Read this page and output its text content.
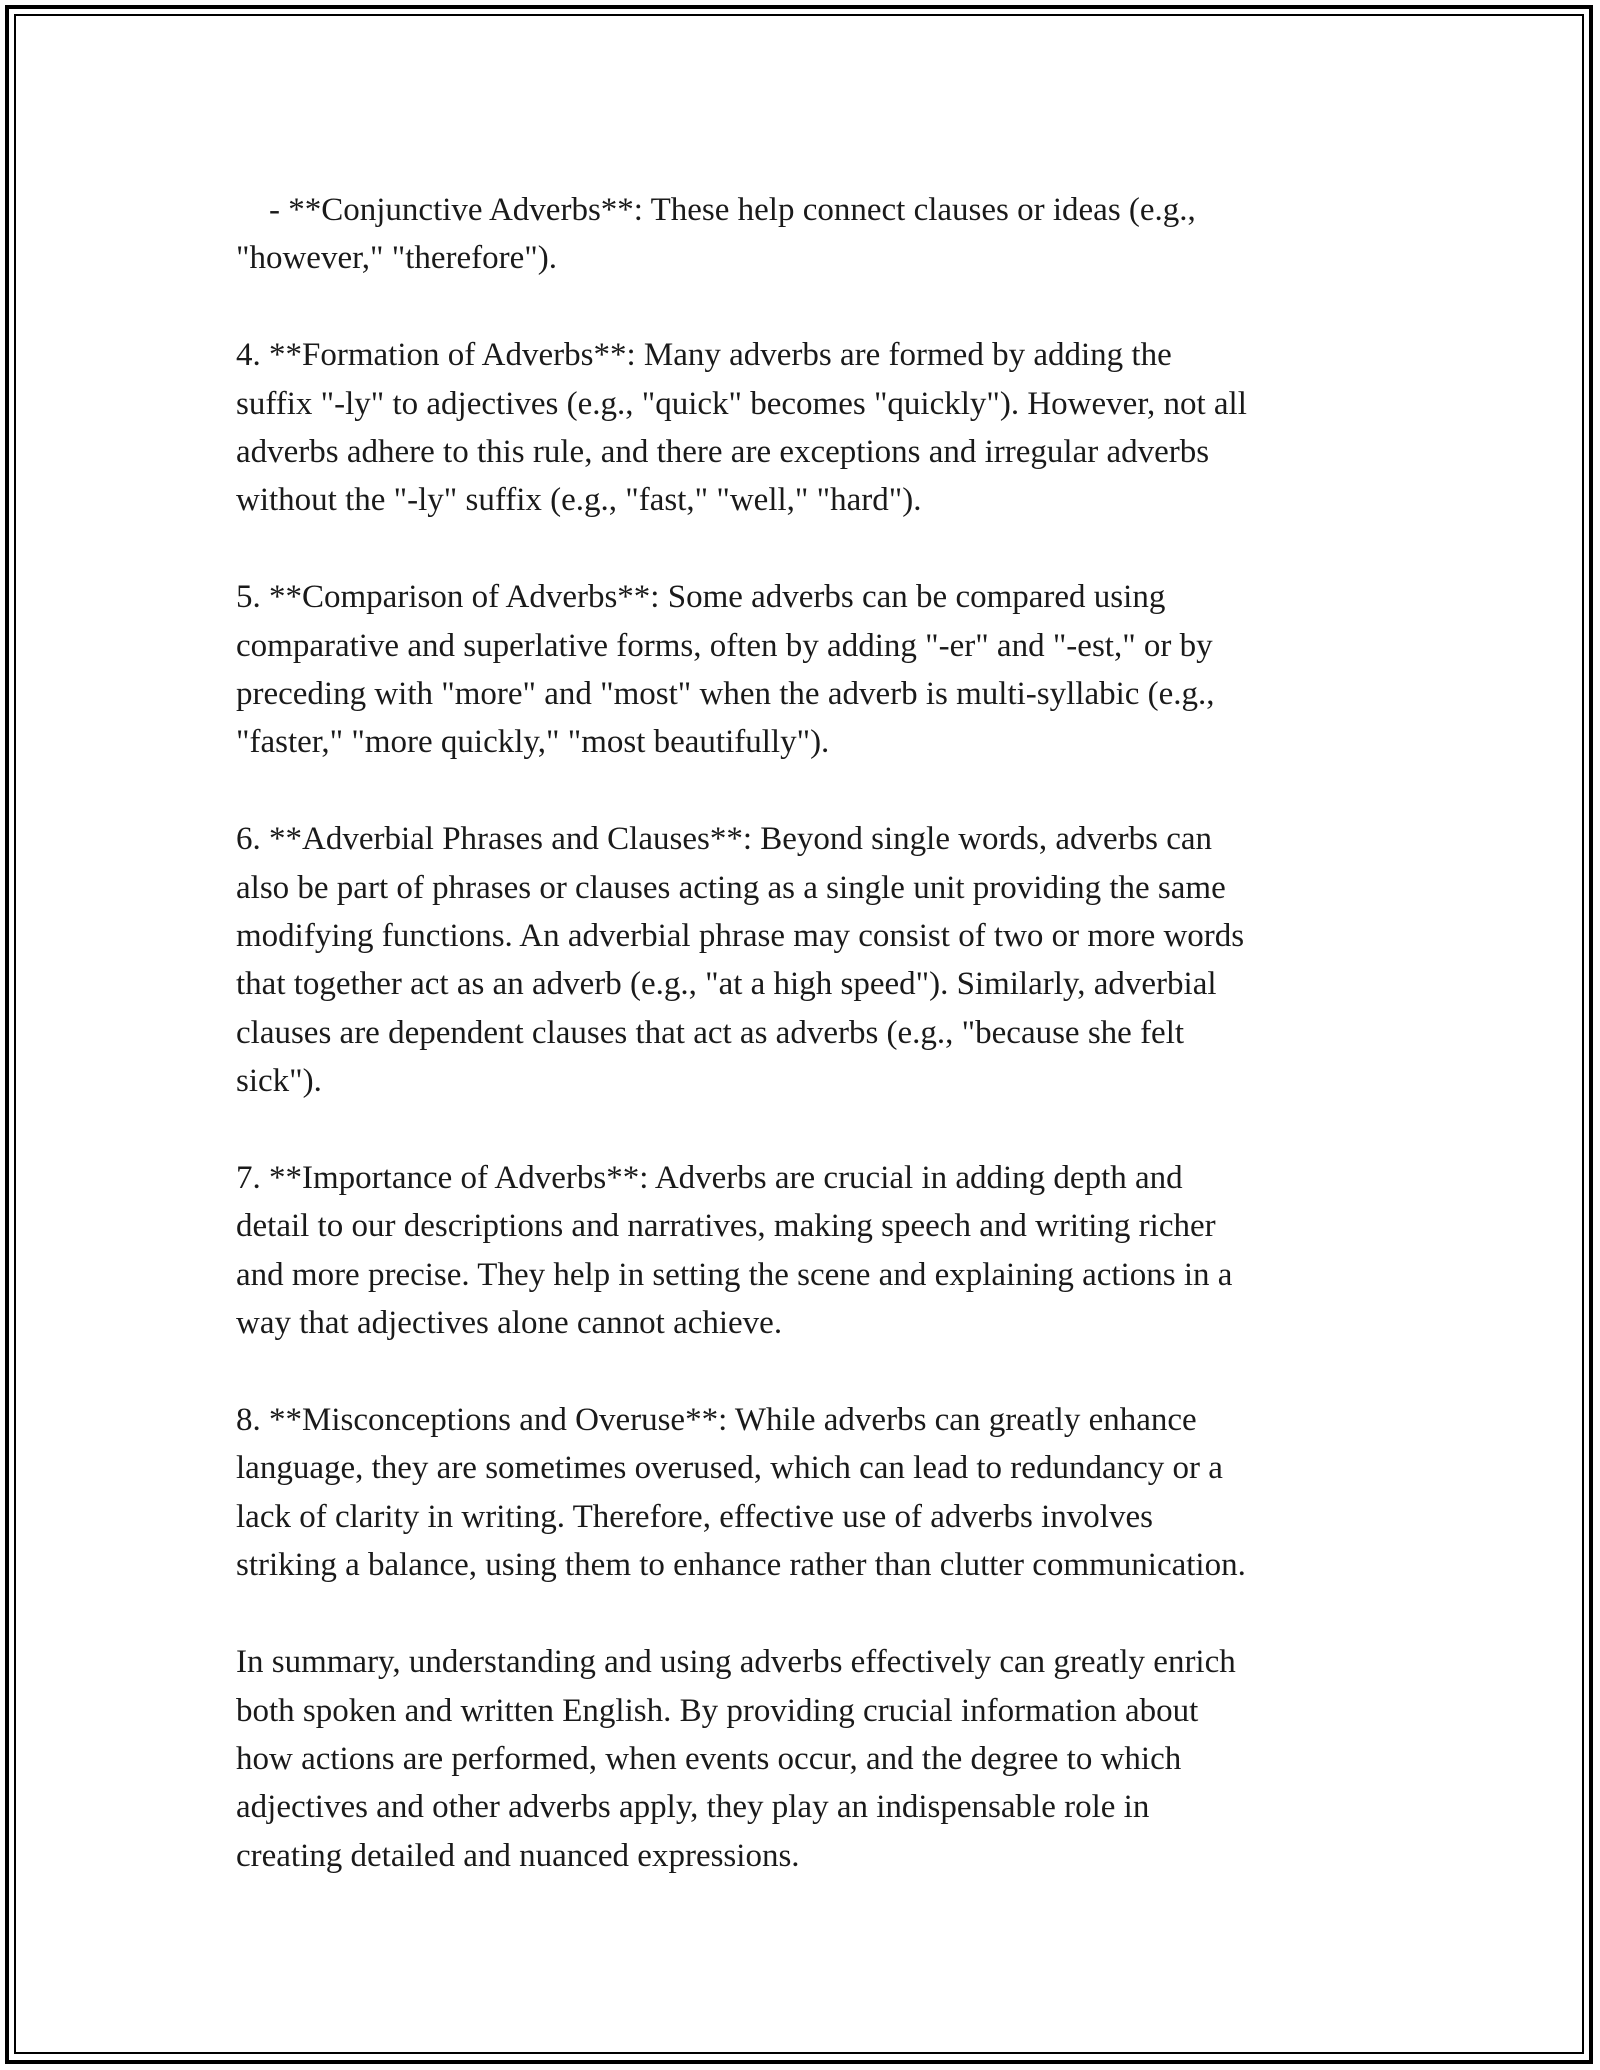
- **Conjunctive Adverbs**: These help connect clauses or ideas (e.g.,
"however," "therefore").

4. **Formation of Adverbs**: Many adverbs are formed by adding the
suffix "-ly" to adjectives (e.g., "quick" becomes "quickly"). However, not all
adverbs adhere to this rule, and there are exceptions and irregular adverbs
without the "-ly" suffix (e.g., "fast," "well," "hard").

5. **Comparison of Adverbs**: Some adverbs can be compared using
comparative and superlative forms, often by adding "-er" and "-est," or by
preceding with "more" and "most" when the adverb is multi-syllabic (e.g.,
"faster," "more quickly," "most beautifully").

6. **Adverbial Phrases and Clauses**: Beyond single words, adverbs can
also be part of phrases or clauses acting as a single unit providing the same
modifying functions. An adverbial phrase may consist of two or more words
that together act as an adverb (e.g., "at a high speed"). Similarly, adverbial
clauses are dependent clauses that act as adverbs (e.g., "because she felt
sick").

7. **Importance of Adverbs**: Adverbs are crucial in adding depth and
detail to our descriptions and narratives, making speech and writing richer
and more precise. They help in setting the scene and explaining actions in a
way that adjectives alone cannot achieve.

8. **Misconceptions and Overuse**: While adverbs can greatly enhance
language, they are sometimes overused, which can lead to redundancy or a
lack of clarity in writing. Therefore, effective use of adverbs involves
striking a balance, using them to enhance rather than clutter communication.

In summary, understanding and using adverbs effectively can greatly enrich
both spoken and written English. By providing crucial information about
how actions are performed, when events occur, and the degree to which
adjectives and other adverbs apply, they play an indispensable role in
creating detailed and nuanced expressions.
